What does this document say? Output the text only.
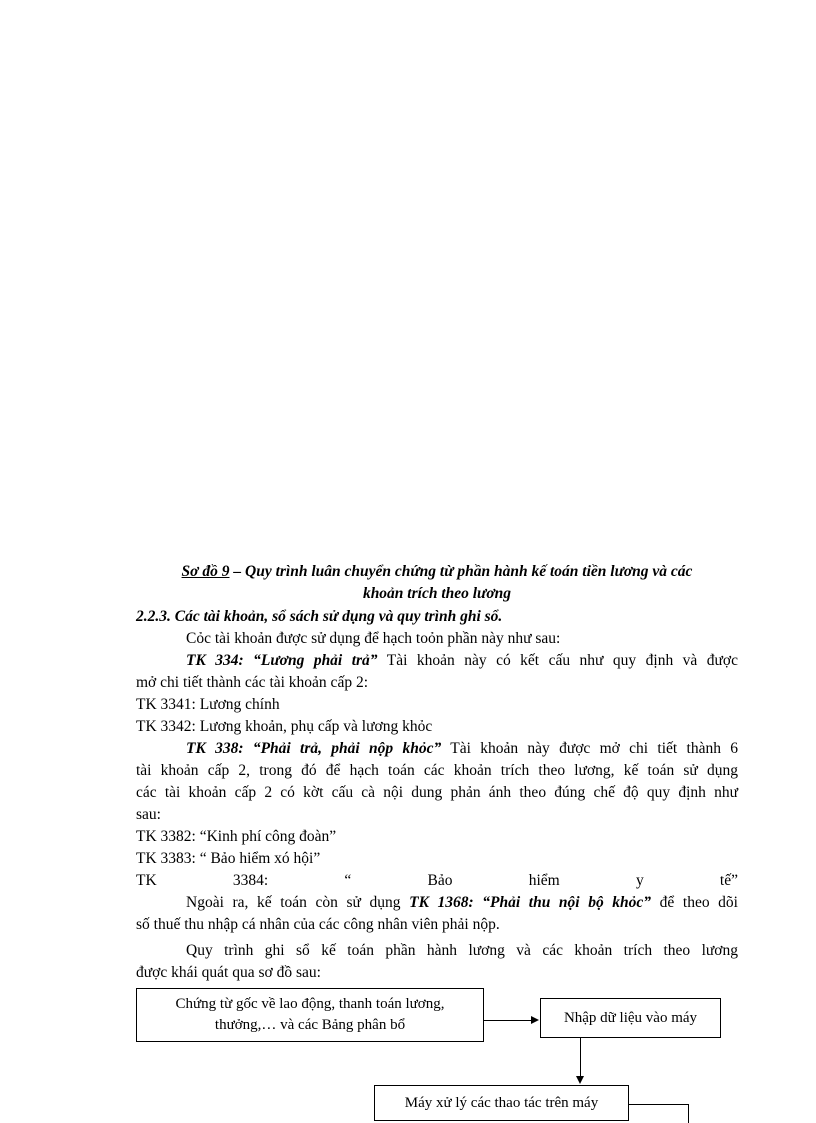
Sơ đồ 9 – Quy trình luân chuyển chứng từ phần hành kế toán tiền lương và các
khoản trích theo lương
2.2.3. Các tài khoản, sổ sách sử dụng và quy trình ghi sổ.
Cỏc tài khoản được sử dụng để hạch toỏn phần này như sau:
TK 334: “Lương phải trả” Tài khoản này có kết cấu như quy định và được
mở chi tiết thành các tài khoản cấp 2:
TK 3341: Lương chính
TK 3342: Lương khoản, phụ cấp và lương khỏc
TK 338: “Phải trả, phải nộp khỏc” Tài khoản này được mở chi tiết thành 6
tài khoản cấp 2, trong đó để hạch toán các khoản trích theo lương, kế toán sử dụng
các tài khoản cấp 2 có kờt cấu cà nội dung phản ánh theo đúng chế độ quy định như
sau:
TK 3382: “Kinh phí công đoàn”
TK 3383: “ Bảo hiểm xó hội”
TK	3384:	“	Bảo	hiểm	y	tế”
Ngoài ra, kế toán còn sử dụng TK 1368: “Phải thu nội bộ khỏc” để theo dõi
số thuế thu nhập cá nhân của các công nhân viên phải nộp.
Quy trình ghi sổ kế toán phần hành lương và các khoản trích theo lương
được khái quát qua sơ đồ sau:
Chứng từ gốc về lao động, thanh toán lương, thưởng,… và các Bảng phân bổ	Nhập dữ liệu vào máy
Máy xử lý các thao tác trên máy
